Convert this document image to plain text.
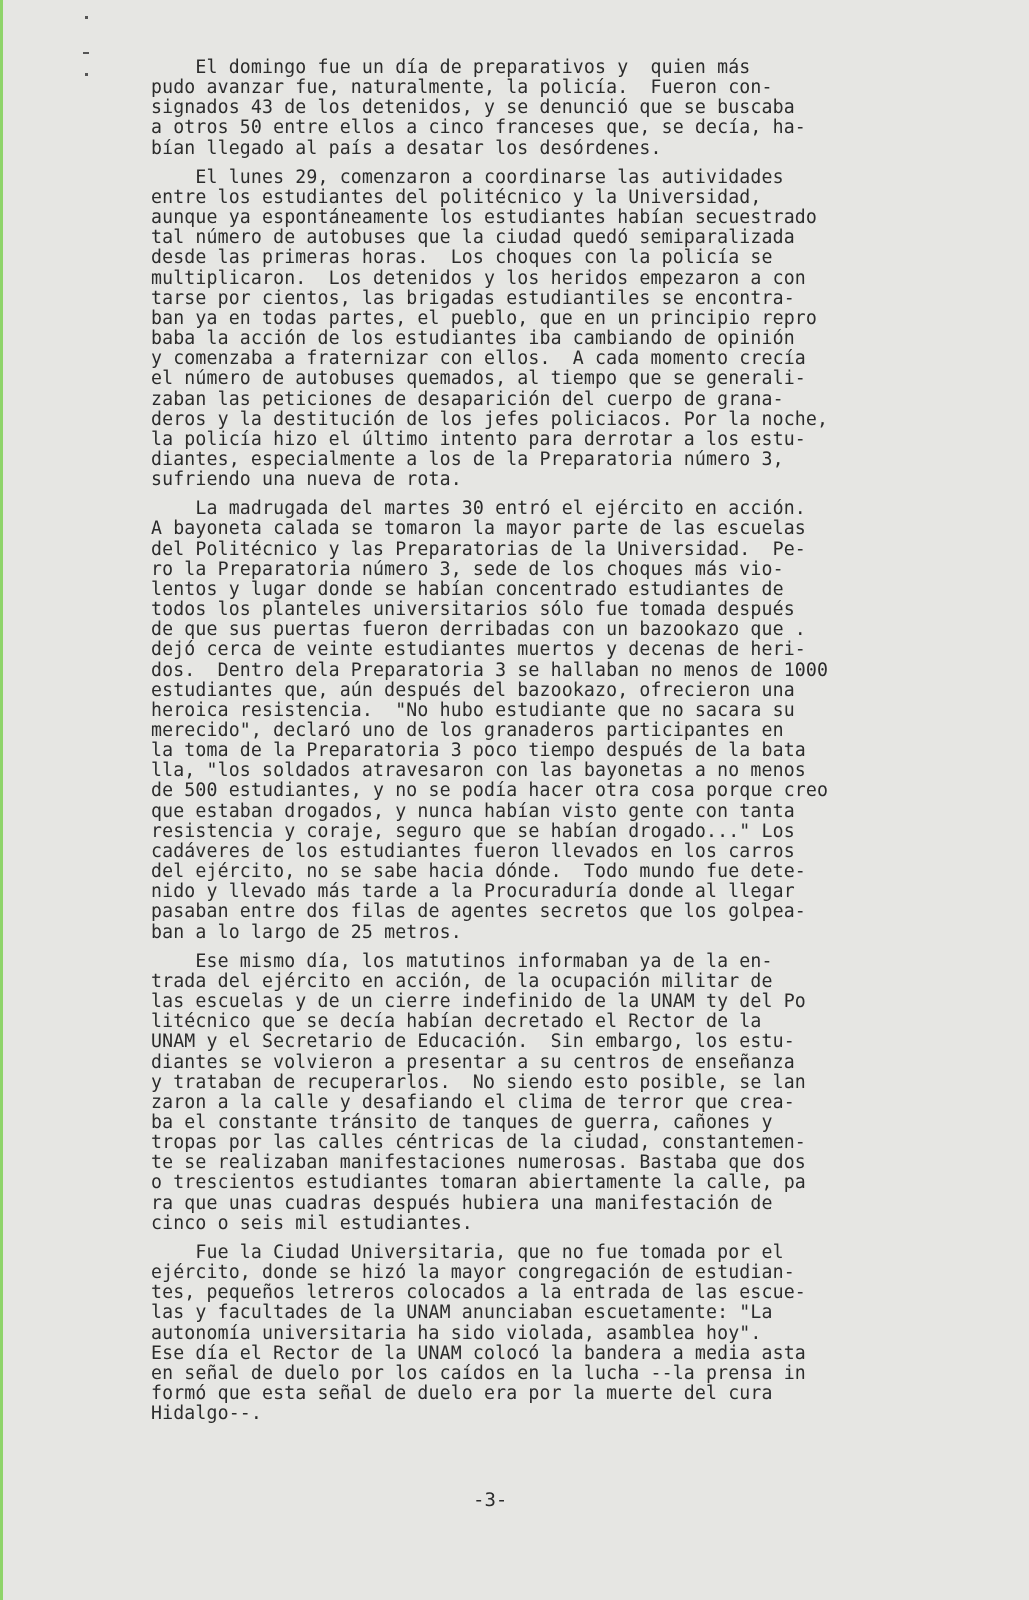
El domingo fue un día de preparativos y  quien más
pudo avanzar fue, naturalmente, la policía.  Fueron con-
signados 43 de los detenidos, y se denunció que se buscaba
a otros 50 entre ellos a cinco franceses que, se decía, ha-
bían llegado al país a desatar los desórdenes.
El lunes 29, comenzaron a coordinarse las autividades
entre los estudiantes del politécnico y la Universidad,
aunque ya espontáneamente los estudiantes habían secuestrado
tal número de autobuses que la ciudad quedó semiparalizada
desde las primeras horas.  Los choques con la policía se
multiplicaron.  Los detenidos y los heridos empezaron a con
tarse por cientos, las brigadas estudiantiles se encontra-
ban ya en todas partes, el pueblo, que en un principio repro
baba la acción de los estudiantes iba cambiando de opinión
y comenzaba a fraternizar con ellos.  A cada momento crecía
el número de autobuses quemados, al tiempo que se generali-
zaban las peticiones de desaparición del cuerpo de granа-
deros y la destitución de los jefes policiacos. Por la noche,
la policía hizo el último intento para derrotar a los estu-
diantes, especialmente a los de la Preparatoria número 3,
sufriendo una nueva de rota.
La madrugada del martes 30 entró el ejército en acción.
A bayoneta calada se tomaron la mayor parte de las escuelas
del Politécnico y las Preparatorias de la Universidad.  Pe-
ro la Preparatoria número 3, sede de los choques más vio-
lentos y lugar donde se habían concentrado estudiantes de
todos los planteles universitarios sólo fue tomada después
de que sus puertas fueron derribadas con un bazookazo que .
dejó cerca de veinte estudiantes muertos y decenas de heri-
dos.  Dentro dela Preparatoria 3 se hallaban no menos de 1000
estudiantes que, aún después del bazookazo, ofrecieron una
heroica resistencia.  "No hubo estudiante que no sacara su
merecido", declaró uno de los granaderos participantes en
la toma de la Preparatoria 3 poco tiempo después de la bata
lla, "los soldados atravesaron con las bayonetas a no menos
de 500 estudiantes, y no se podía hacer otra cosa porque creo
que estaban drogados, y nunca habían visto gente con tanta
resistencia y coraje, seguro que se habían drogado..." Los
cadáveres de los estudiantes fueron llevados en los carros
del ejército, no se sabe hacia dónde.  Todo mundo fue dete-
nido y llevado más tarde a la Procuraduría donde al llegar
pasaban entre dos filas de agentes secretos que los golpea-
ban a lo largo de 25 metros.
Ese mismo día, los matutinos informaban ya de la en-
trada del ejército en acción, de la ocupación militar de
las escuelas y de un cierre indefinido de la UNAM ty del Po
litécnico que se decía habían decretado el Rector de la
UNAM y el Secretario de Educación.  Sin embargo, los estu-
diantes se volvieron a presentar a su centros de enseñanza
y trataban de recuperarlos.  No siendo esto posible, se lan
zaron a la calle y desafiando el clima de terror que crea-
ba el constante tránsito de tanques de guerra, cañones y
tropas por las calles céntricas de la ciudad, constantemen-
te se realizaban manifestaciones numerosas. Bastaba que dos
o trescientos estudiantes tomaran abiertamente la calle, pa
ra que unas cuadras después hubiera una manifestación de
cinco o seis mil estudiantes.
Fue la Ciudad Universitaria, que no fue tomada por el
ejército, donde se hizó la mayor congregación de estudian-
tes, pequeños letreros colocados a la entrada de las escue-
las y facultades de la UNAM anunciaban escuetamente: "La
autonomía universitaria ha sido violada, asamblea hoy".
Ese día el Rector de la UNAM colocó la bandera a media asta
en señal de duelo por los caídos en la lucha --la prensa in
formó que esta señal de duelo era por la muerte del cura
Hidalgo--.
-3-
